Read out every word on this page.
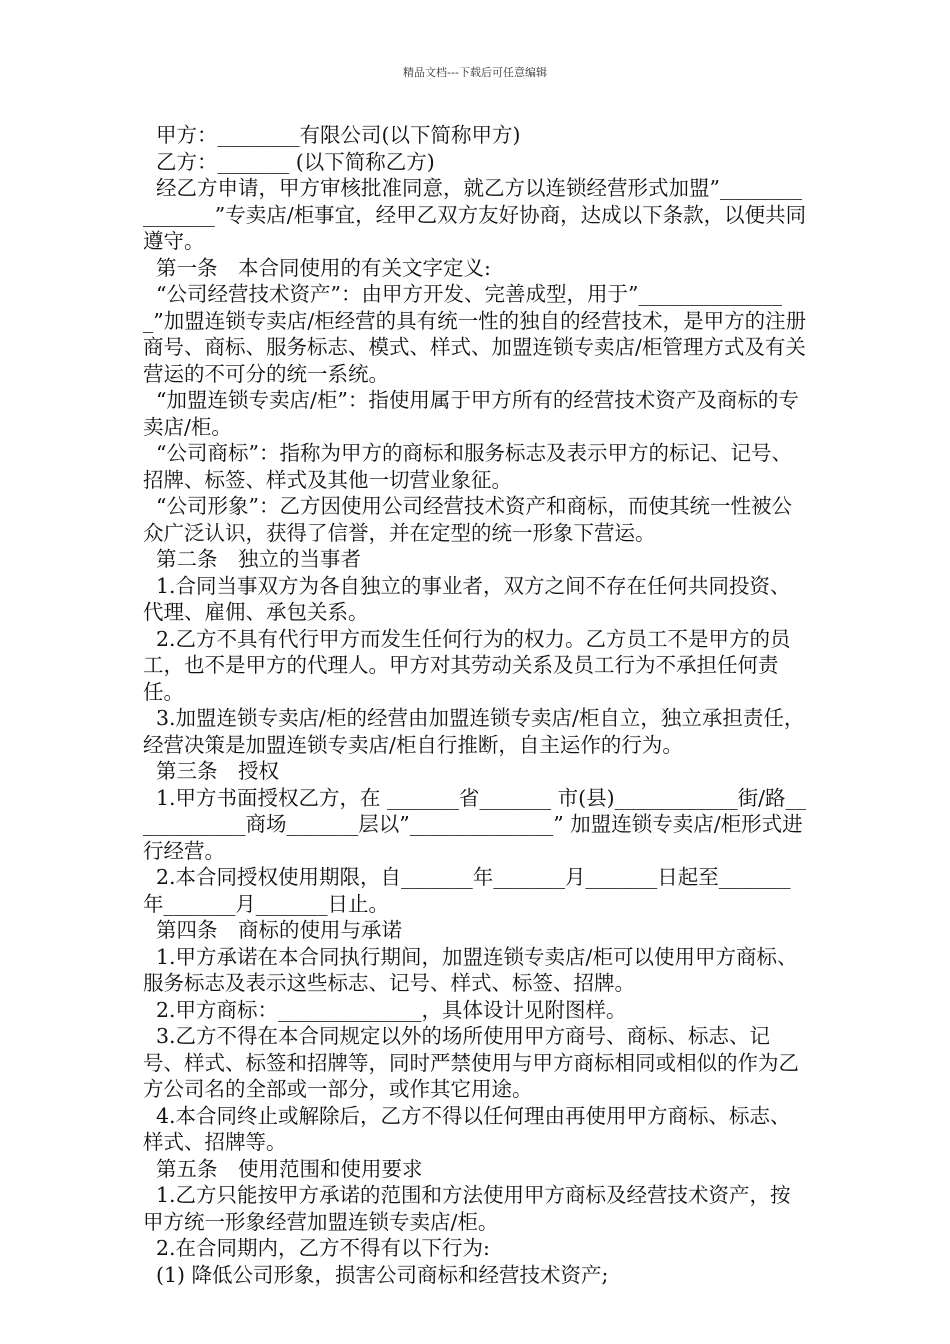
精品文档---下载后可任意编辑

甲方：________有限公司(以下简称甲方)

乙方：_______ (以下简称乙方)

经乙方申请，甲方审核批准同意，就乙方以连锁经营形式加盟”_______________”专卖店/柜事宜，经甲乙双方友好协商，达成以下条款，以便共同遵守。

第一条　本合同使用的有关文字定义:

“公司经营技术资产”：由甲方开发、完善成型，用于”_______________”加盟连锁专卖店/柜经营的具有统一性的独自的经营技术，是甲方的注册商号、商标、服务标志、模式、样式、加盟连锁专卖店/柜管理方式及有关营运的不可分的统一系统。

“加盟连锁专卖店/柜”：指使用属于甲方所有的经营技术资产及商标的专卖店/柜。

“公司商标”：指称为甲方的商标和服务标志及表示甲方的标记、记号、招牌、标签、样式及其他一切营业象征。

“公司形象”：乙方因使用公司经营技术资产和商标，而使其统一性被公众广泛认识，获得了信誉，并在定型的统一形象下营运。

第二条　独立的当事者

1.合同当事双方为各自独立的事业者，双方之间不存在任何共同投资、代理、雇佣、承包关系。

2.乙方不具有代行甲方而发生任何行为的权力。乙方员工不是甲方的员工，也不是甲方的代理人。甲方对其劳动关系及员工行为不承担任何责任。

3.加盟连锁专卖店/柜的经营由加盟连锁专卖店/柜自立，独立承担责任，经营决策是加盟连锁专卖店/柜自行推断，自主运作的行为。

第三条　授权

1.甲方书面授权乙方，在 _______省_______ 市(县)____________街/路____________商场_______层以”______________” 加盟连锁专卖店/柜形式进行经营。

2.本合同授权使用期限，自_______年_______月_______日起至_______年_______月_______日止。

第四条　商标的使用与承诺

1.甲方承诺在本合同执行期间，加盟连锁专卖店/柜可以使用甲方商标、服务标志及表示这些标志、记号、样式、标签、招牌。

2.甲方商标：______________，具体设计见附图样。

3.乙方不得在本合同规定以外的场所使用甲方商号、商标、标志、记号、样式、标签和招牌等，同时严禁使用与甲方商标相同或相似的作为乙方公司名的全部或一部分，或作其它用途。

4.本合同终止或解除后，乙方不得以任何理由再使用甲方商标、标志、样式、招牌等。

第五条　使用范围和使用要求

1.乙方只能按甲方承诺的范围和方法使用甲方商标及经营技术资产，按甲方统一形象经营加盟连锁专卖店/柜。

2.在合同期内，乙方不得有以下行为:

(1) 降低公司形象，损害公司商标和经营技术资产;
